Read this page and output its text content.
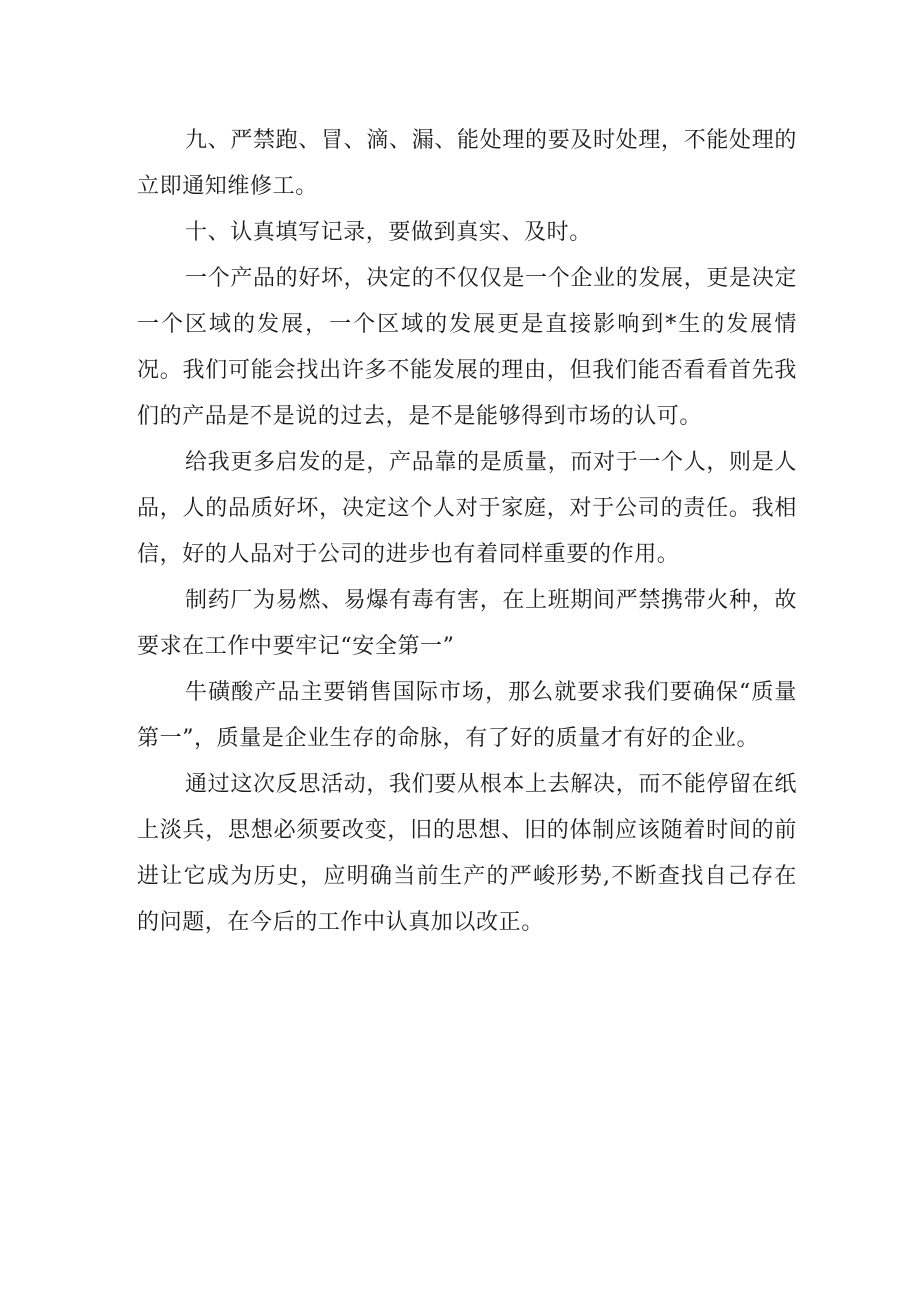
九、严禁跑、冒、滴、漏、能处理的要及时处理，不能处理的立即通知维修工。

十、认真填写记录，要做到真实、及时。

一个产品的好坏，决定的不仅仅是一个企业的发展，更是决定一个区域的发展，一个区域的发展更是直接影响到*生的发展情况。我们可能会找出许多不能发展的理由，但我们能否看看首先我们的产品是不是说的过去，是不是能够得到市场的认可。

给我更多启发的是，产品靠的是质量，而对于一个人，则是人品，人的品质好坏，决定这个人对于家庭，对于公司的责任。我相信，好的人品对于公司的进步也有着同样重要的作用。

制药厂为易燃、易爆有毒有害，在上班期间严禁携带火种，故要求在工作中要牢记“安全第一”

牛磺酸产品主要销售国际市场，那么就要求我们要确保“质量第一”，质量是企业生存的命脉，有了好的质量才有好的企业。

通过这次反思活动，我们要从根本上去解决，而不能停留在纸上淡兵，思想必须要改变，旧的思想、旧的体制应该随着时间的前进让它成为历史，应明确当前生产的严峻形势,不断查找自己存在的问题，在今后的工作中认真加以改正。
